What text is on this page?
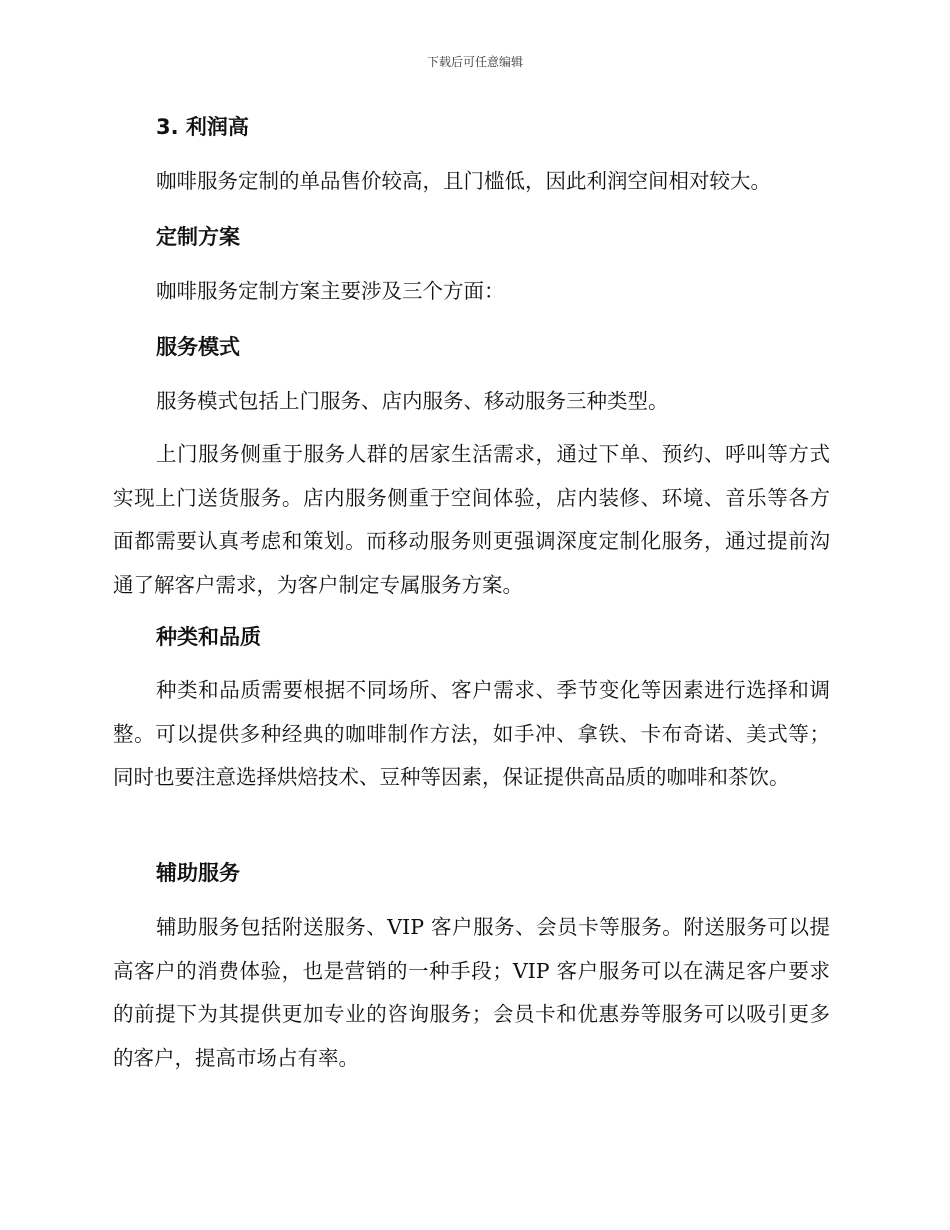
下载后可任意编辑
3. 利润高

咖啡服务定制的单品售价较高，且门槛低，因此利润空间相对较大。

定制方案

咖啡服务定制方案主要涉及三个方面：

服务模式

服务模式包括上门服务、店内服务、移动服务三种类型。

上门服务侧重于服务人群的居家生活需求，通过下单、预约、呼叫等方式实现上门送货服务。店内服务侧重于空间体验，店内装修、环境、音乐等各方面都需要认真考虑和策划。而移动服务则更强调深度定制化服务，通过提前沟通了解客户需求，为客户制定专属服务方案。

种类和品质

种类和品质需要根据不同场所、客户需求、季节变化等因素进行选择和调整。可以提供多种经典的咖啡制作方法，如手冲、拿铁、卡布奇诺、美式等；同时也要注意选择烘焙技术、豆种等因素，保证提供高品质的咖啡和茶饮。

辅助服务

辅助服务包括附送服务、VIP 客户服务、会员卡等服务。附送服务可以提高客户的消费体验，也是营销的一种手段；VIP 客户服务可以在满足客户要求的前提下为其提供更加专业的咨询服务；会员卡和优惠券等服务可以吸引更多的客户，提高市场占有率。
